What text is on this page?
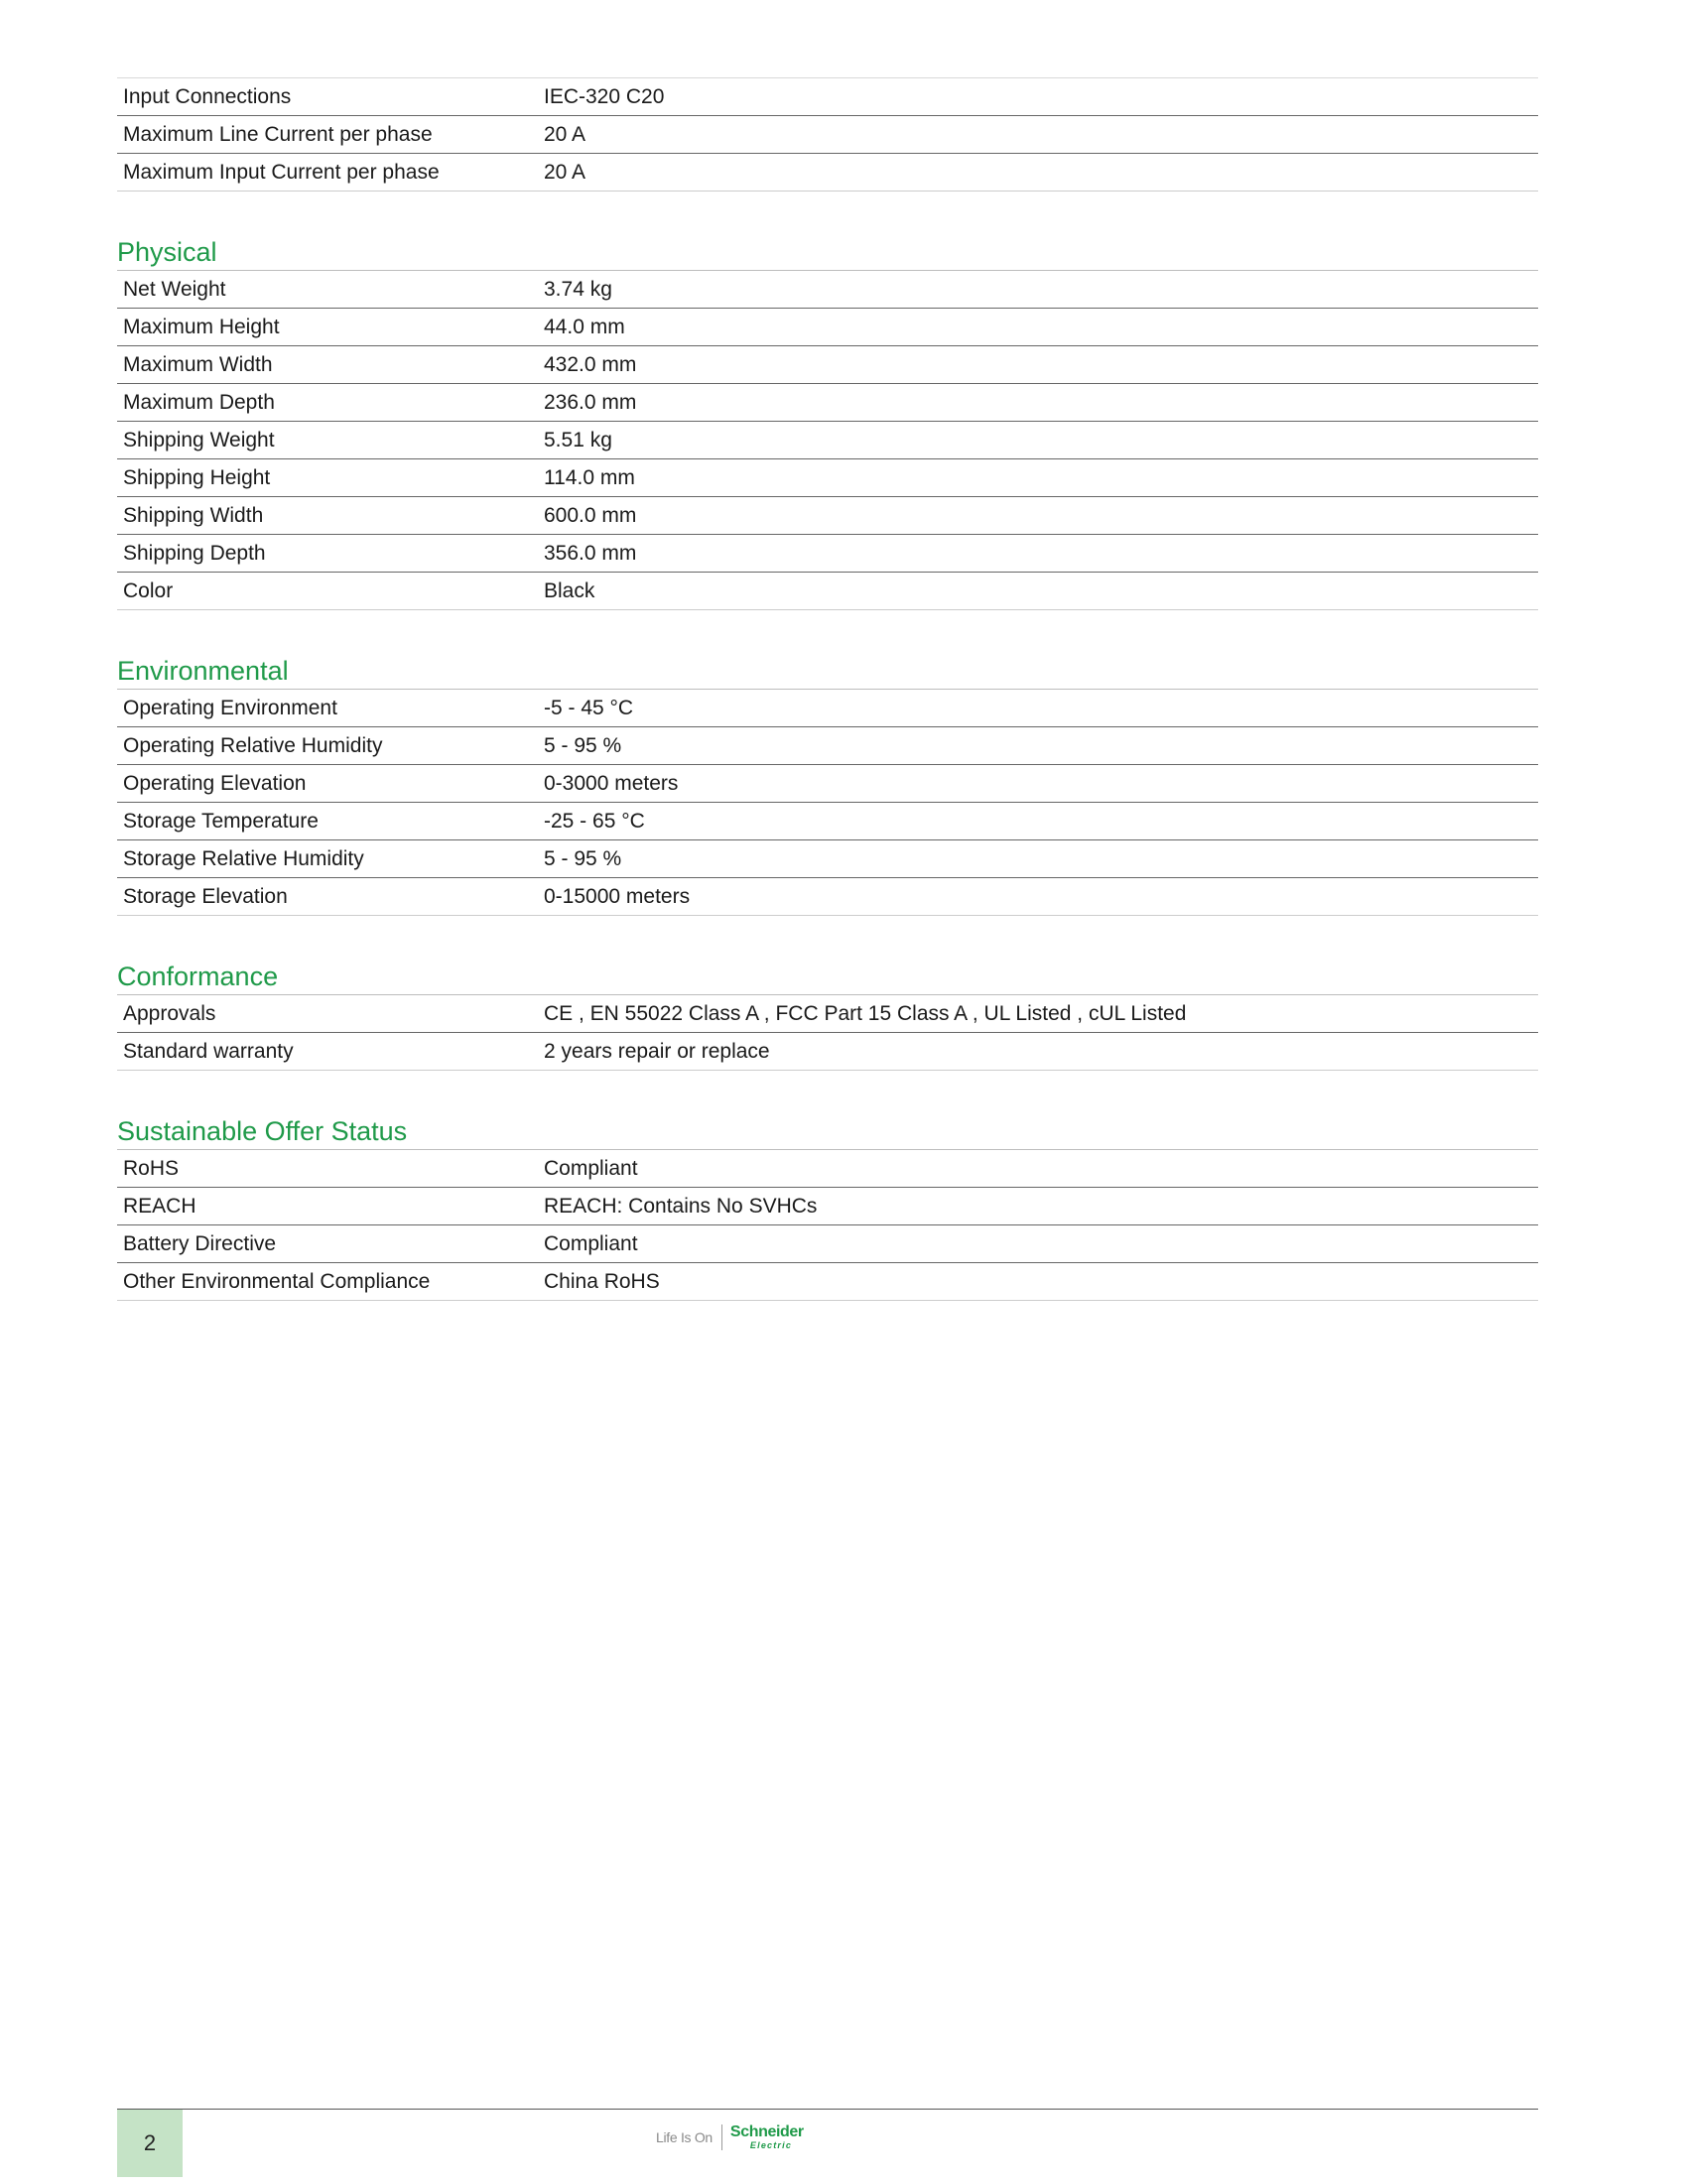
Input Connections	IEC-320 C20
Maximum Line Current per phase	20 A
Maximum Input Current per phase	20 A
Physical
Net Weight	3.74 kg
Maximum Height	44.0 mm
Maximum Width	432.0 mm
Maximum Depth	236.0 mm
Shipping Weight	5.51 kg
Shipping Height	114.0 mm
Shipping Width	600.0 mm
Shipping Depth	356.0 mm
Color	Black
Environmental
Operating Environment	-5 - 45 °C
Operating Relative Humidity	5 - 95 %
Operating Elevation	0-3000 meters
Storage Temperature	-25 - 65 °C
Storage Relative Humidity	5 - 95 %
Storage Elevation	0-15000 meters
Conformance
Approvals	CE , EN 55022 Class A , FCC Part 15 Class A , UL Listed , cUL Listed
Standard warranty	2 years repair or replace
Sustainable Offer Status
RoHS	Compliant
REACH	REACH: Contains No SVHCs
Battery Directive	Compliant
Other Environmental Compliance	China RoHS
2	Life Is On	Schneider
Electric
